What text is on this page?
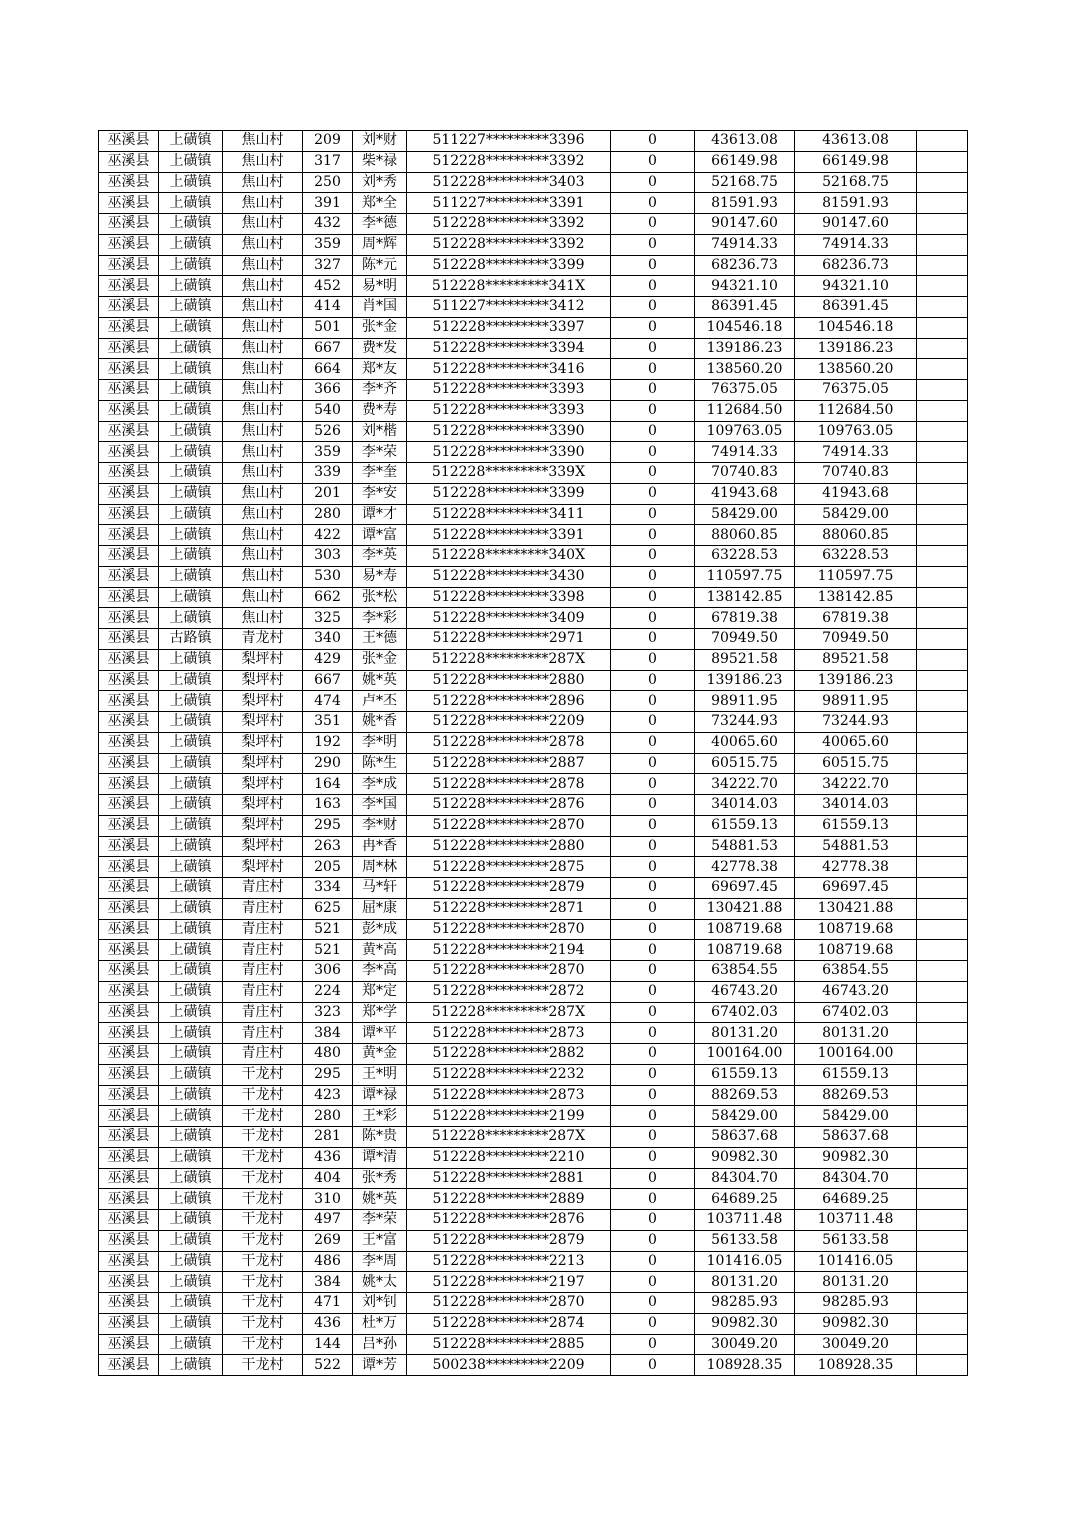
巫溪县	上磺镇	焦山村	209	刘*财	511227*********3396	0	43613.08	43613.08	
巫溪县	上磺镇	焦山村	317	柴*禄	512228*********3392	0	66149.98	66149.98	
巫溪县	上磺镇	焦山村	250	刘*秀	512228*********3403	0	52168.75	52168.75	
巫溪县	上磺镇	焦山村	391	郑*全	511227*********3391	0	81591.93	81591.93	
巫溪县	上磺镇	焦山村	432	李*德	512228*********3392	0	90147.60	90147.60	
巫溪县	上磺镇	焦山村	359	周*辉	512228*********3392	0	74914.33	74914.33	
巫溪县	上磺镇	焦山村	327	陈*元	512228*********3399	0	68236.73	68236.73	
巫溪县	上磺镇	焦山村	452	易*明	512228*********341X	0	94321.10	94321.10	
巫溪县	上磺镇	焦山村	414	肖*国	511227*********3412	0	86391.45	86391.45	
巫溪县	上磺镇	焦山村	501	张*金	512228*********3397	0	104546.18	104546.18	
巫溪县	上磺镇	焦山村	667	费*发	512228*********3394	0	139186.23	139186.23	
巫溪县	上磺镇	焦山村	664	郑*友	512228*********3416	0	138560.20	138560.20	
巫溪县	上磺镇	焦山村	366	李*齐	512228*********3393	0	76375.05	76375.05	
巫溪县	上磺镇	焦山村	540	费*寿	512228*********3393	0	112684.50	112684.50	
巫溪县	上磺镇	焦山村	526	刘*楷	512228*********3390	0	109763.05	109763.05	
巫溪县	上磺镇	焦山村	359	李*荣	512228*********3390	0	74914.33	74914.33	
巫溪县	上磺镇	焦山村	339	李*奎	512228*********339X	0	70740.83	70740.83	
巫溪县	上磺镇	焦山村	201	李*安	512228*********3399	0	41943.68	41943.68	
巫溪县	上磺镇	焦山村	280	谭*才	512228*********3411	0	58429.00	58429.00	
巫溪县	上磺镇	焦山村	422	谭*富	512228*********3391	0	88060.85	88060.85	
巫溪县	上磺镇	焦山村	303	李*英	512228*********340X	0	63228.53	63228.53	
巫溪县	上磺镇	焦山村	530	易*寿	512228*********3430	0	110597.75	110597.75	
巫溪县	上磺镇	焦山村	662	张*松	512228*********3398	0	138142.85	138142.85	
巫溪县	上磺镇	焦山村	325	李*彩	512228*********3409	0	67819.38	67819.38	
巫溪县	古路镇	青龙村	340	王*德	512228*********2971	0	70949.50	70949.50	
巫溪县	上磺镇	梨坪村	429	张*金	512228*********287X	0	89521.58	89521.58	
巫溪县	上磺镇	梨坪村	667	姚*英	512228*********2880	0	139186.23	139186.23	
巫溪县	上磺镇	梨坪村	474	卢*丕	512228*********2896	0	98911.95	98911.95	
巫溪县	上磺镇	梨坪村	351	姚*香	512228*********2209	0	73244.93	73244.93	
巫溪县	上磺镇	梨坪村	192	李*明	512228*********2878	0	40065.60	40065.60	
巫溪县	上磺镇	梨坪村	290	陈*生	512228*********2887	0	60515.75	60515.75	
巫溪县	上磺镇	梨坪村	164	李*成	512228*********2878	0	34222.70	34222.70	
巫溪县	上磺镇	梨坪村	163	李*国	512228*********2876	0	34014.03	34014.03	
巫溪县	上磺镇	梨坪村	295	李*财	512228*********2870	0	61559.13	61559.13	
巫溪县	上磺镇	梨坪村	263	冉*香	512228*********2880	0	54881.53	54881.53	
巫溪县	上磺镇	梨坪村	205	周*林	512228*********2875	0	42778.38	42778.38	
巫溪县	上磺镇	青庄村	334	马*轩	512228*********2879	0	69697.45	69697.45	
巫溪县	上磺镇	青庄村	625	屈*康	512228*********2871	0	130421.88	130421.88	
巫溪县	上磺镇	青庄村	521	彭*成	512228*********2870	0	108719.68	108719.68	
巫溪县	上磺镇	青庄村	521	黄*高	512228*********2194	0	108719.68	108719.68	
巫溪县	上磺镇	青庄村	306	李*高	512228*********2870	0	63854.55	63854.55	
巫溪县	上磺镇	青庄村	224	郑*定	512228*********2872	0	46743.20	46743.20	
巫溪县	上磺镇	青庄村	323	郑*学	512228*********287X	0	67402.03	67402.03	
巫溪县	上磺镇	青庄村	384	谭*平	512228*********2873	0	80131.20	80131.20	
巫溪县	上磺镇	青庄村	480	黄*金	512228*********2882	0	100164.00	100164.00	
巫溪县	上磺镇	干龙村	295	王*明	512228*********2232	0	61559.13	61559.13	
巫溪县	上磺镇	干龙村	423	谭*禄	512228*********2873	0	88269.53	88269.53	
巫溪县	上磺镇	干龙村	280	王*彩	512228*********2199	0	58429.00	58429.00	
巫溪县	上磺镇	干龙村	281	陈*贵	512228*********287X	0	58637.68	58637.68	
巫溪县	上磺镇	干龙村	436	谭*清	512228*********2210	0	90982.30	90982.30	
巫溪县	上磺镇	干龙村	404	张*秀	512228*********2881	0	84304.70	84304.70	
巫溪县	上磺镇	干龙村	310	姚*英	512228*********2889	0	64689.25	64689.25	
巫溪县	上磺镇	干龙村	497	李*荣	512228*********2876	0	103711.48	103711.48	
巫溪县	上磺镇	干龙村	269	王*富	512228*********2879	0	56133.58	56133.58	
巫溪县	上磺镇	干龙村	486	李*周	512228*********2213	0	101416.05	101416.05	
巫溪县	上磺镇	干龙村	384	姚*太	512228*********2197	0	80131.20	80131.20	
巫溪县	上磺镇	干龙村	471	刘*钊	512228*********2870	0	98285.93	98285.93	
巫溪县	上磺镇	干龙村	436	杜*万	512228*********2874	0	90982.30	90982.30	
巫溪县	上磺镇	干龙村	144	吕*孙	512228*********2885	0	30049.20	30049.20	
巫溪县	上磺镇	干龙村	522	谭*芳	500238*********2209	0	108928.35	108928.35	
